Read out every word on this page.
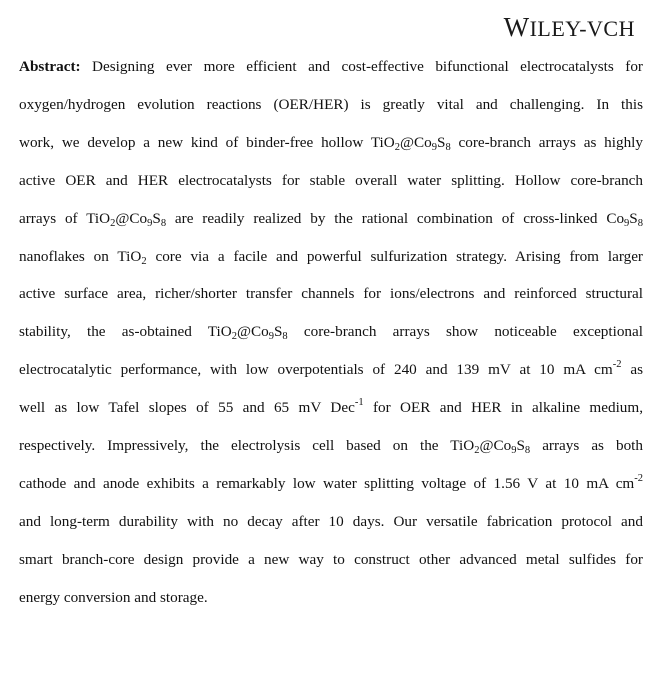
WILEY-VCH
Abstract: Designing ever more efficient and cost-effective bifunctional electrocatalysts for
oxygen/hydrogen evolution reactions (OER/HER) is greatly vital and challenging. In this
work, we develop a new kind of binder-free hollow $TiO_2@Co_9S_8$ core-branch arrays as highly
active OER and HER electrocatalysts for stable overall water splitting. Hollow core-branch
arrays of $TiO_2@Co_9S_8$ are readily realized by the rational combination of cross-linked $Co_9S_8$
nanoflakes on TiO$_2$ core via a facile and powerful sulfurization strategy. Arising from larger
active surface area, richer/shorter transfer channels for ions/electrons and reinforced structural
stability, the as-obtained $TiO_2@Co_9S_8$ core-branch arrays show noticeable exceptional
electrocatalytic performance, with low overpotentials of 240 and 139 mV at 10 mA $cm^{-2}$ as
well as low Tafel slopes of 55 and 65 mV Dec$^{-1}$ for OER and HER in alkaline medium,
respectively. Impressively, the electrolysis cell based on the $TiO_2@Co_9S_8$ arrays as both
cathode and anode exhibits a remarkably low water splitting voltage of 1.56 V at 10 mA $cm^{-2}$
and long-term durability with no decay after 10 days. Our versatile fabrication protocol and
smart branch-core design provide a new way to construct other advanced metal sulfides for
energy conversion and storage.
